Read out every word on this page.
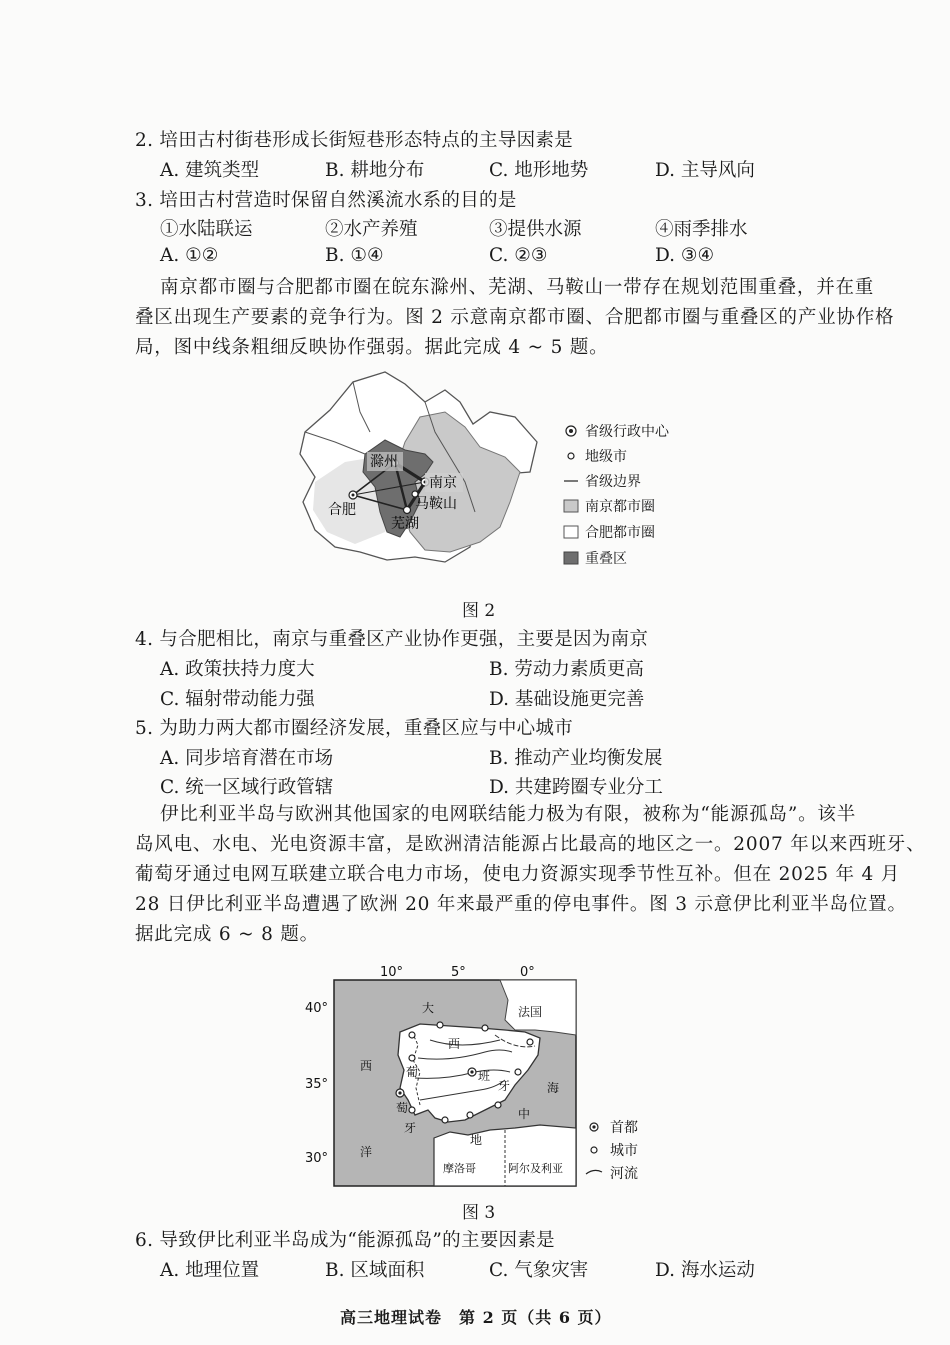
2. 培田古村街巷形成长街短巷形态特点的主导因素是
A. 建筑类型	B. 耕地分布	C. 地形地势	D. 主导风向
3. 培田古村营造时保留自然溪流水系的目的是
①水陆联运	②水产养殖	③提供水源	④雨季排水
A. ①②	B. ①④	C. ②③	D. ③④
南京都市圈与合肥都市圈在皖东滁州、芜湖、马鞍山一带存在规划范围重叠，并在重
叠区出现生产要素的竞争行为。图 2 示意南京都市圈、合肥都市圈与重叠区的产业协作格
局，图中线条粗细反映协作强弱。据此完成 4 ~ 5 题。
滁州
南京
马鞍山
合肥
芜湖
省级行政中心
地级市
省级边界
南京都市圈
合肥都市圈
重叠区
图 2
4. 与合肥相比，南京与重叠区产业协作更强，主要是因为南京
A. 政策扶持力度大	B. 劳动力素质更高
C. 辐射带动能力强	D. 基础设施更完善
5. 为助力两大都市圈经济发展，重叠区应与中心城市
A. 同步培育潜在市场	B. 推动产业均衡发展
C. 统一区域行政管辖	D. 共建跨圈专业分工
伊比利亚半岛与欧洲其他国家的电网联结能力极为有限，被称为“能源孤岛”。该半
岛风电、水电、光电资源丰富，是欧洲清洁能源占比最高的地区之一。2007 年以来西班牙、
葡萄牙通过电网互联建立联合电力市场，使电力资源实现季节性互补。但在 2025 年 4 月
28 日伊比利亚半岛遭遇了欧洲 20 年来最严重的停电事件。图 3 示意伊比利亚半岛位置。
据此完成 6 ~ 8 题。
10°	5°	0°
40°
35°
30°
大	法国
西
西
班
葡
萄
牙
牙	海
中
地
洋
摩洛哥	阿尔及利亚
首都
城市
河流
图 3
6. 导致伊比利亚半岛成为“能源孤岛”的主要因素是
A. 地理位置	B. 区域面积	C. 气象灾害	D. 海水运动
高三地理试卷　第 2 页（共 6 页）
